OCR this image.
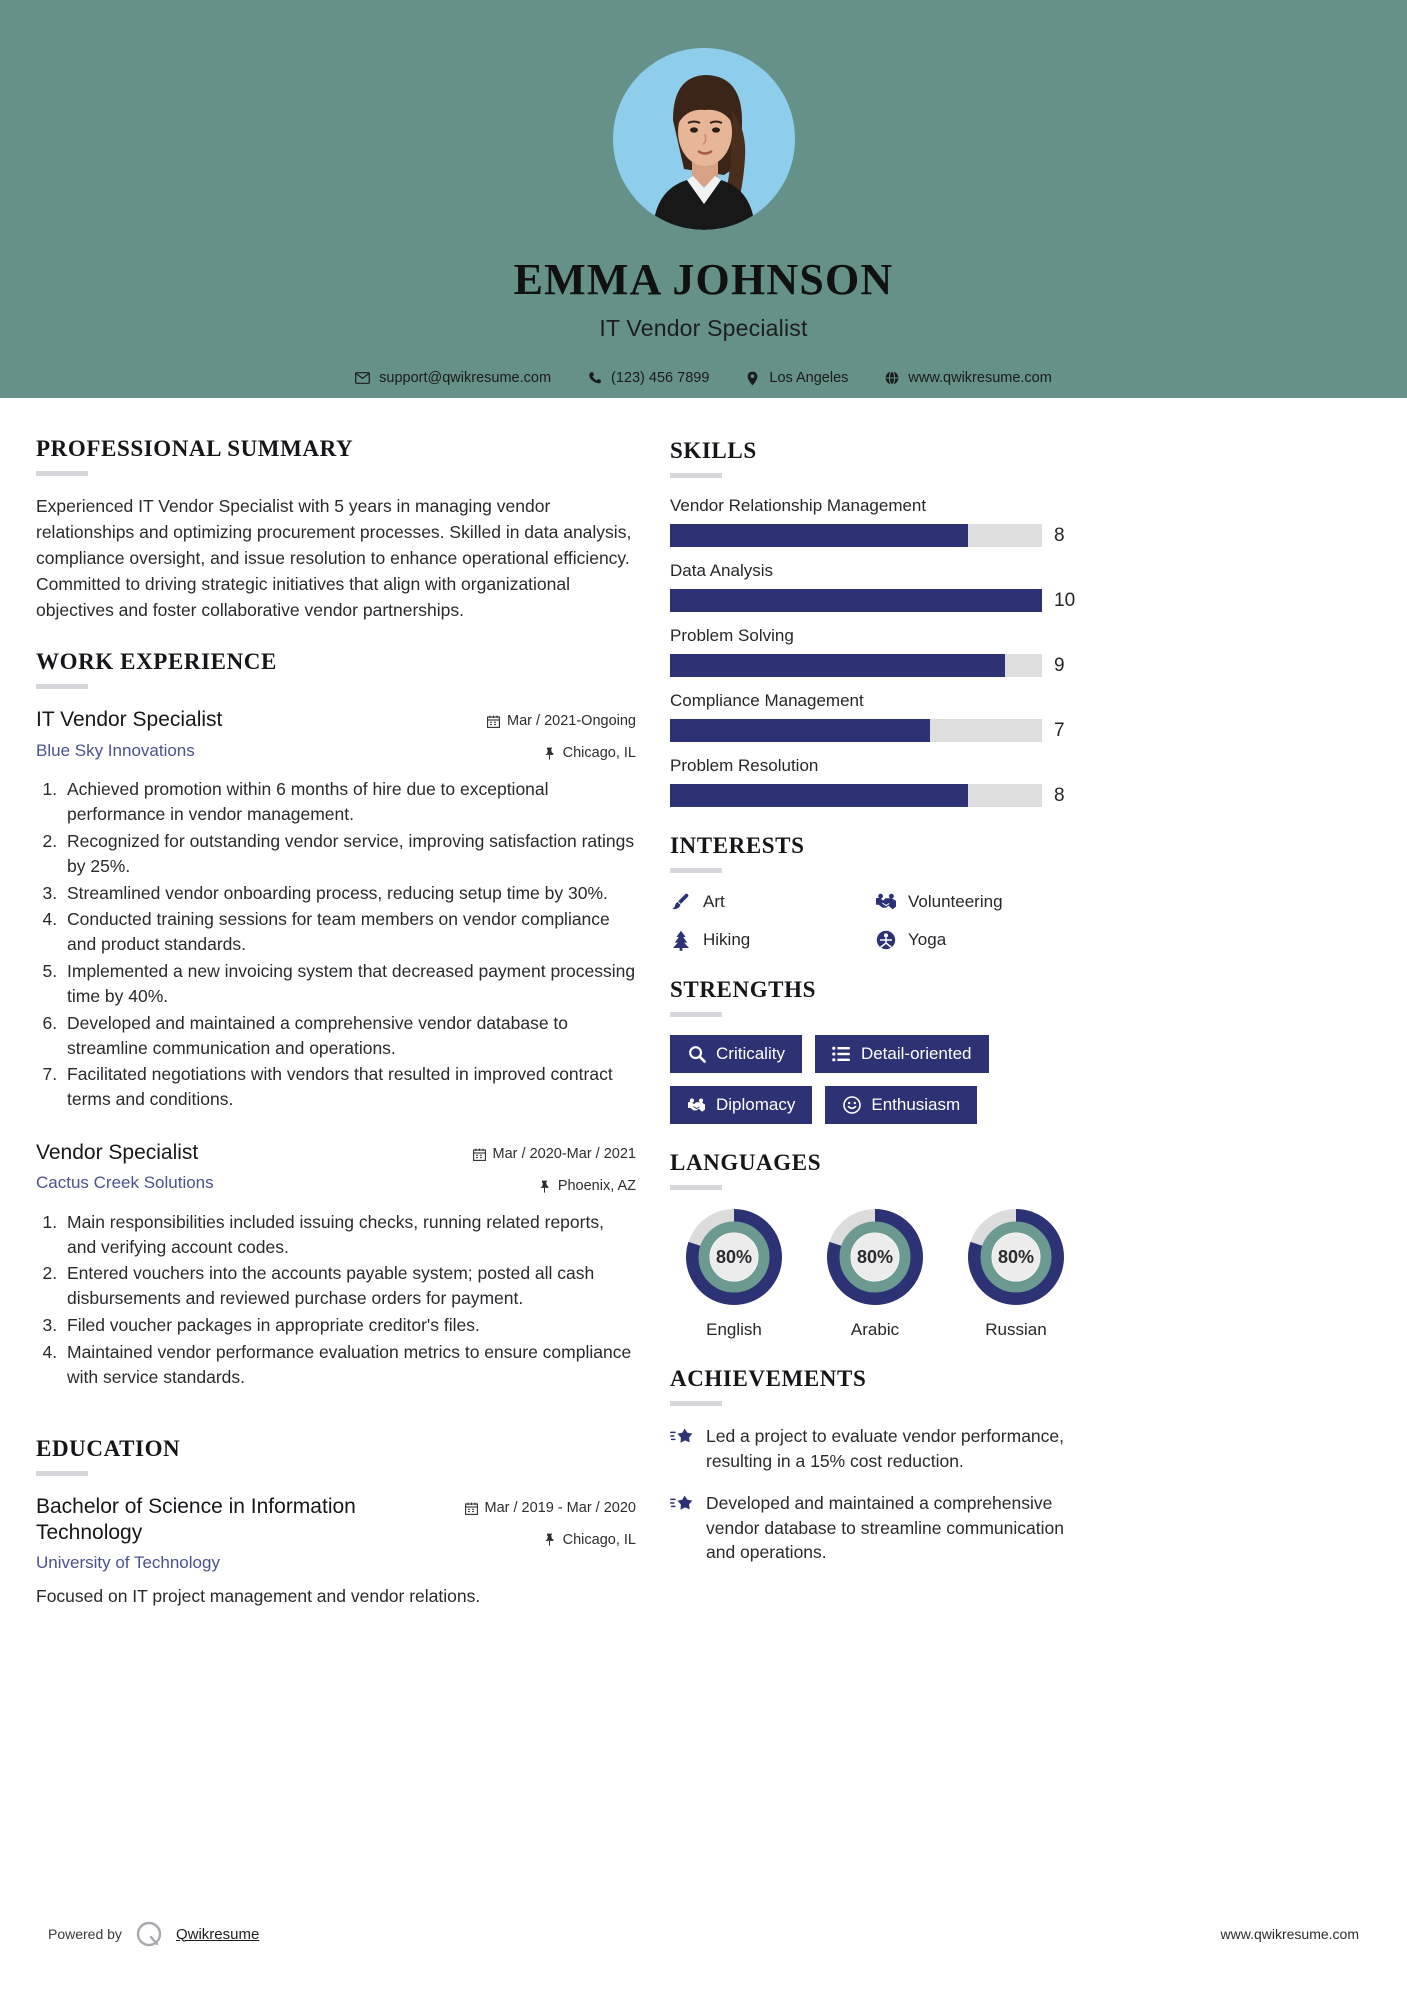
EMMA JOHNSON
IT Vendor Specialist
support@qwikresume.com	(123) 456 7899	Los Angeles	www.qwikresume.com
PROFESSIONAL SUMMARY
Experienced IT Vendor Specialist with 5 years in managing vendor relationships and optimizing procurement processes. Skilled in data analysis, compliance oversight, and issue resolution to enhance operational efficiency. Committed to driving strategic initiatives that align with organizational objectives and foster collaborative vendor partnerships.
WORK EXPERIENCE
IT Vendor Specialist
Blue Sky Innovations
Mar / 2021-Ongoing
Chicago, IL
1. Achieved promotion within 6 months of hire due to exceptional performance in vendor management.
2. Recognized for outstanding vendor service, improving satisfaction ratings by 25%.
3. Streamlined vendor onboarding process, reducing setup time by 30%.
4. Conducted training sessions for team members on vendor compliance and product standards.
5. Implemented a new invoicing system that decreased payment processing time by 40%.
6. Developed and maintained a comprehensive vendor database to streamline communication and operations.
7. Facilitated negotiations with vendors that resulted in improved contract terms and conditions.
Vendor Specialist
Cactus Creek Solutions
Mar / 2020-Mar / 2021
Phoenix, AZ
1. Main responsibilities included issuing checks, running related reports, and verifying account codes.
2. Entered vouchers into the accounts payable system; posted all cash disbursements and reviewed purchase orders for payment.
3. Filed voucher packages in appropriate creditor's files.
4. Maintained vendor performance evaluation metrics to ensure compliance with service standards.
EDUCATION
Bachelor of Science in Information Technology
University of Technology
Mar / 2019 - Mar / 2020
Chicago, IL
Focused on IT project management and vendor relations.
SKILLS
Vendor Relationship Management
8
Data Analysis
10
Problem Solving
9
Compliance Management
7
Problem Resolution
8
INTERESTS
Art	Volunteering
Hiking	Yoga
STRENGTHS
Criticality	Detail-oriented
Diplomacy	Enthusiasm
LANGUAGES
80%
English
80%
Arabic
80%
Russian
ACHIEVEMENTS
Led a project to evaluate vendor performance, resulting in a 15% cost reduction.
Developed and maintained a comprehensive vendor database to streamline communication and operations.
Powered by	Qwikresume	www.qwikresume.com
